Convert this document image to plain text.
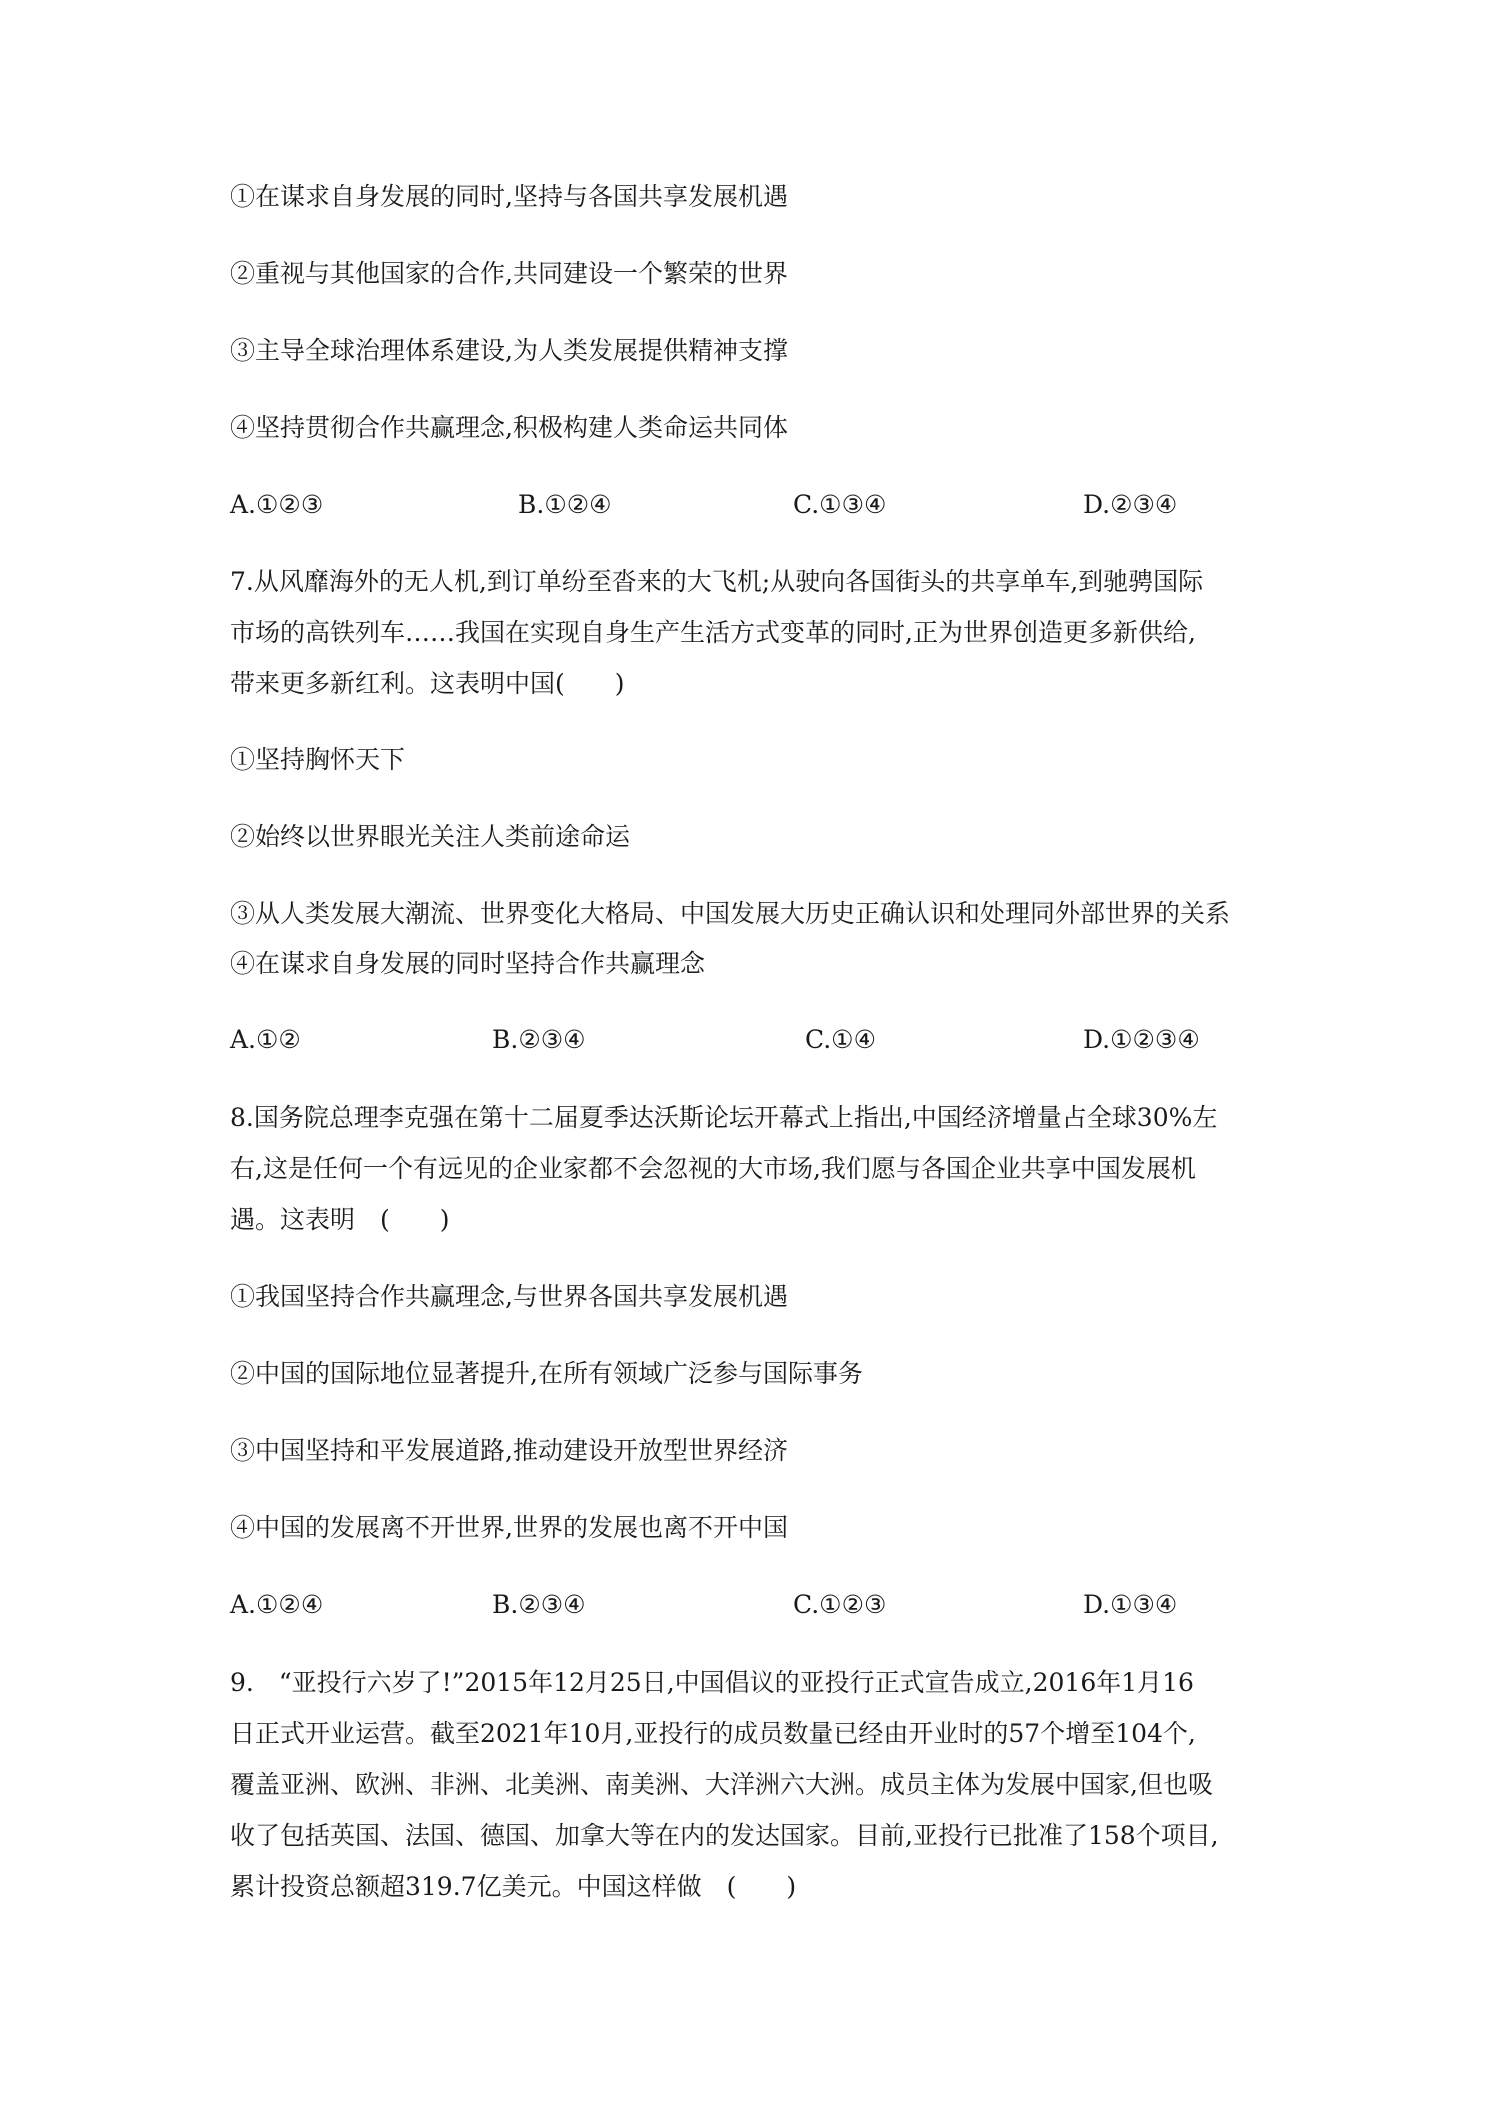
①在谋求自身发展的同时,坚持与各国共享发展机遇
②重视与其他国家的合作,共同建设一个繁荣的世界
③主导全球治理体系建设,为人类发展提供精神支撑
④坚持贯彻合作共赢理念,积极构建人类命运共同体
A.①②③	B.①②④	C.①③④	D.②③④
7.从风靡海外的无人机,到订单纷至沓来的大飞机;从驶向各国街头的共享单车,到驰骋国际
市场的高铁列车……我国在实现自身生产生活方式变革的同时,正为世界创造更多新供给,
带来更多新红利。这表明中国(　　)
①坚持胸怀天下
②始终以世界眼光关注人类前途命运
③从人类发展大潮流、世界变化大格局、中国发展大历史正确认识和处理同外部世界的关系
④在谋求自身发展的同时坚持合作共赢理念
A.①②	B.②③④	C.①④	D.①②③④
8.国务院总理李克强在第十二届夏季达沃斯论坛开幕式上指出,中国经济增量占全球30%左
右,这是任何一个有远见的企业家都不会忽视的大市场,我们愿与各国企业共享中国发展机
遇。这表明　(　　)
①我国坚持合作共赢理念,与世界各国共享发展机遇
②中国的国际地位显著提升,在所有领域广泛参与国际事务
③中国坚持和平发展道路,推动建设开放型世界经济
④中国的发展离不开世界,世界的发展也离不开中国
A.①②④	B.②③④	C.①②③	D.①③④
9.　“亚投行六岁了!”2015年12月25日,中国倡议的亚投行正式宣告成立,2016年1月16
日正式开业运营。截至2021年10月,亚投行的成员数量已经由开业时的57个增至104个,
覆盖亚洲、欧洲、非洲、北美洲、南美洲、大洋洲六大洲。成员主体为发展中国家,但也吸
收了包括英国、法国、德国、加拿大等在内的发达国家。目前,亚投行已批准了158个项目,
累计投资总额超319.7亿美元。中国这样做　(　　)
